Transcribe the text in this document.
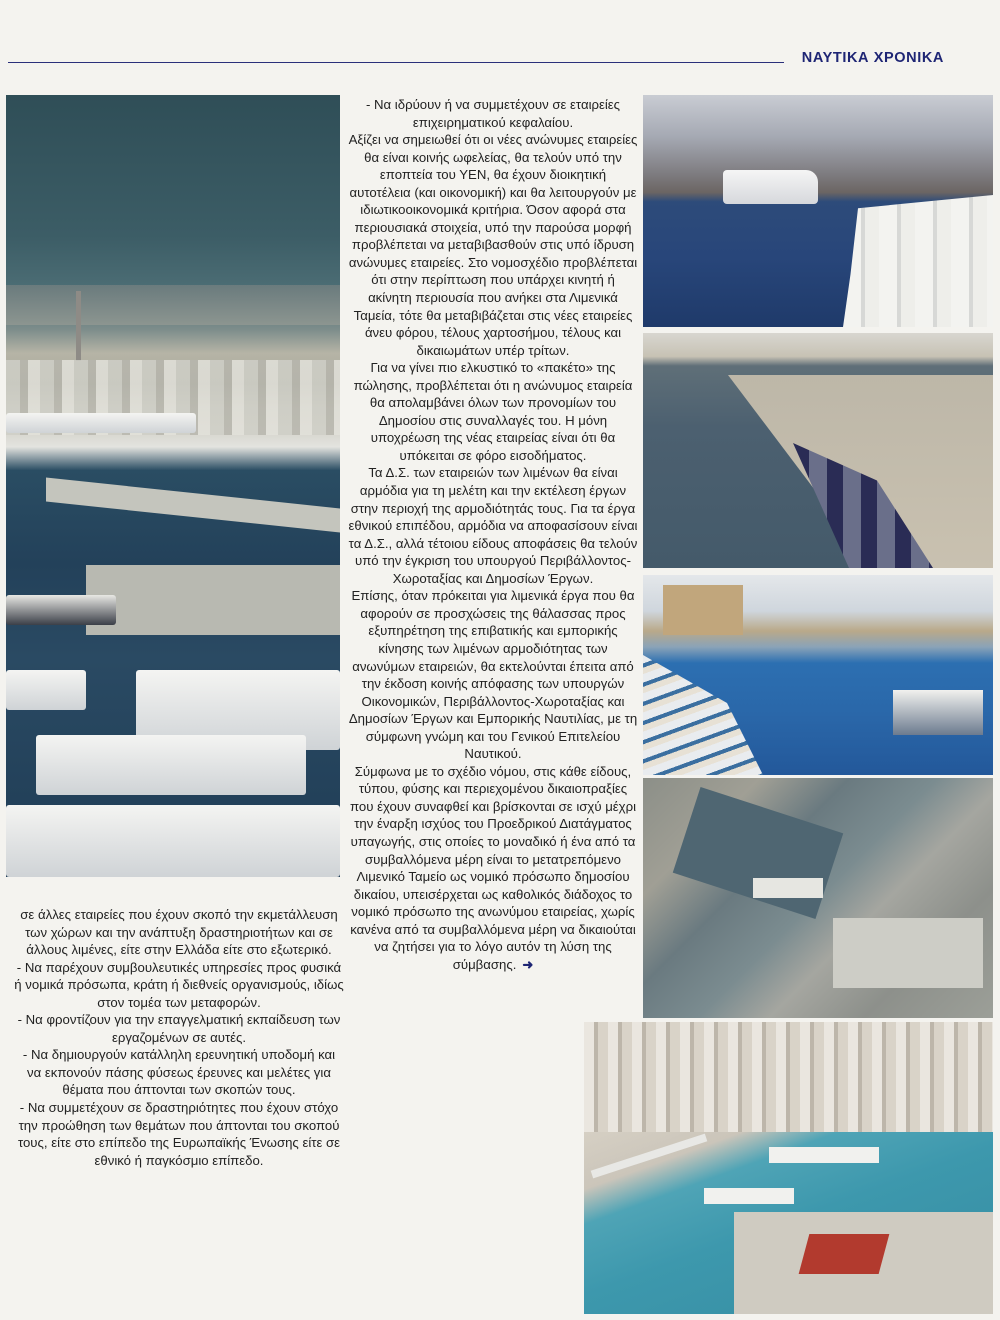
ΝΑΥΤΙΚΑ ΧΡΟΝΙΚΑ

- Να ιδρύουν ή να συμμετέχουν σε εταιρείες επιχειρηματικού κεφαλαίου.

Αξίζει να σημειωθεί ότι οι νέες ανώνυμες εταιρείες θα είναι κοινής ωφελείας, θα τελούν υπό την εποπτεία του ΥΕΝ, θα έχουν διοικητική αυτοτέλεια (και οικονομική) και θα λειτουργούν με ιδιωτικοοικονομικά κριτήρια. Όσον αφορά στα περιουσιακά στοιχεία, υπό την παρούσα μορφή προβλέπεται να μεταβιβασθούν στις υπό ίδρυση ανώνυμες εταιρείες. Στο νομοσχέδιο προβλέπεται ότι στην περίπτωση που υπάρχει κινητή ή ακίνητη περιουσία που ανήκει στα Λιμενικά Ταμεία, τότε θα μεταβιβάζεται στις νέες εταιρείες άνευ φόρου, τέλους χαρτοσήμου, τέλους και δικαιωμάτων υπέρ τρίτων.

Για να γίνει πιο ελκυστικό το «πακέτο» της πώλησης, προβλέπεται ότι η ανώνυμος εταιρεία θα απολαμβάνει όλων των προνομίων του Δημοσίου στις συναλλαγές του. Η μόνη υποχρέωση της νέας εταιρείας είναι ότι θα υπόκειται σε φόρο εισοδήματος.

Τα Δ.Σ. των εταιρειών των λιμένων θα είναι αρμόδια για τη μελέτη και την εκτέλεση έργων στην περιοχή της αρμοδιότητάς τους. Για τα έργα εθνικού επιπέδου, αρμόδια να αποφασίσουν είναι τα Δ.Σ., αλλά τέτοιου είδους αποφάσεις θα τελούν υπό την έγκριση του υπουργού Περιβάλλοντος-Χωροταξίας και Δημοσίων Έργων.

Επίσης, όταν πρόκειται για λιμενικά έργα που θα αφορούν σε προσχώσεις της θάλασσας προς εξυπηρέτηση της επιβατικής και εμπορικής κίνησης των λιμένων αρμοδιότητας των ανωνύμων εταιρειών, θα εκτελούνται έπειτα από την έκδοση κοινής απόφασης των υπουργών Οικονομικών, Περιβάλλοντος-Χωροταξίας και Δημοσίων Έργων και Εμπορικής Ναυτιλίας, με τη σύμφωνη γνώμη και του Γενικού Επιτελείου Ναυτικού.

Σύμφωνα με το σχέδιο νόμου, στις κάθε είδους, τύπου, φύσης και περιεχομένου δικαιοπραξίες που έχουν συναφθεί και βρίσκονται σε ισχύ μέχρι την έναρξη ισχύος του Προεδρικού Διατάγματος υπαγωγής, στις οποίες το μοναδικό ή ένα από τα συμβαλλόμενα μέρη είναι το μετατρεπόμενο Λιμενικό Ταμείο ως νομικό πρόσωπο δημοσίου δικαίου, υπεισέρχεται ως καθολικός διάδοχος το νομικό πρόσωπο της ανωνύμου εταιρείας, χωρίς κανένα από τα συμβαλλόμενα μέρη να δικαιούται να ζητήσει για το λόγο αυτόν τη λύση της σύμβασης. ➜

σε άλλες εταιρείες που έχουν σκοπό την εκμετάλλευση των χώρων και την ανάπτυξη δραστηριοτήτων και σε άλλους λιμένες, είτε στην Ελλάδα είτε στο εξωτερικό.

- Να παρέχουν συμβουλευτικές υπηρεσίες προς φυσικά ή νομικά πρόσωπα, κράτη ή διεθνείς οργανισμούς, ιδίως στον τομέα των μεταφορών.

- Να φροντίζουν για την επαγγελματική εκπαίδευση των εργαζομένων σε αυτές.

- Να δημιουργούν κατάλληλη ερευνητική υποδομή και να εκπονούν πάσης φύσεως έρευνες και μελέτες για θέματα που άπτονται των σκοπών τους.

- Να συμμετέχουν σε δραστηριότητες που έχουν στόχο την προώθηση των θεμάτων που άπτονται του σκοπού τους, είτε στο επίπεδο της Ευρωπαϊκής Ένωσης είτε σε εθνικό ή παγκόσμιο επίπεδο.
